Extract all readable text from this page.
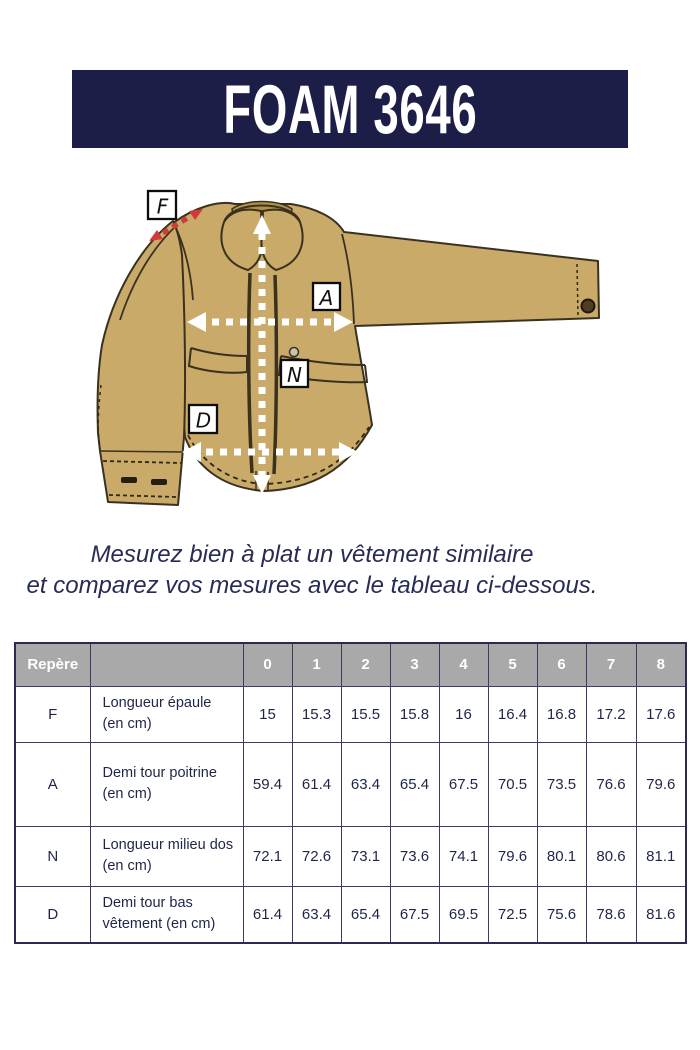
FOAM 3646
F
A
N
D
Mesurez bien à plat un vêtement similaire
et comparez vos mesures avec le tableau ci-dessous.
Repère		0	1	2	3	4	5	6	7	8
F	Longueur épaule (en cm)	15	15.3	15.5	15.8	16	16.4	16.8	17.2	17.6
A	Demi tour poitrine (en cm)	59.4	61.4	63.4	65.4	67.5	70.5	73.5	76.6	79.6
N	Longueur milieu dos (en cm)	72.1	72.6	73.1	73.6	74.1	79.6	80.1	80.6	81.1
D	Demi tour bas vêtement (en cm)	61.4	63.4	65.4	67.5	69.5	72.5	75.6	78.6	81.6
